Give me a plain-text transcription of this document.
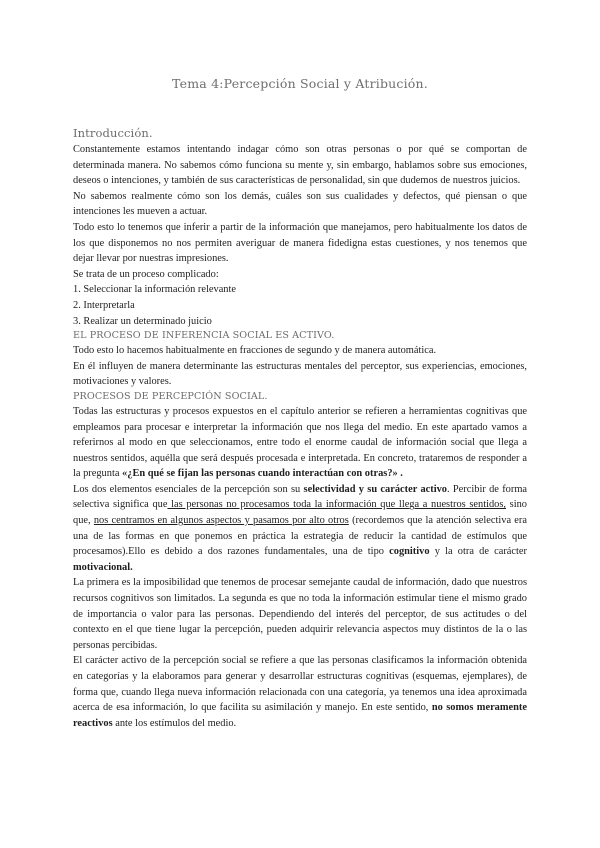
Tema 4:Percepción Social y Atribución.
Introducción.

Constantemente estamos intentando indagar cómo son otras personas o por qué se comportan de determinada manera. No sabemos cómo funciona su mente y, sin embargo, hablamos sobre sus emociones, deseos o intenciones, y también de sus características de personalidad, sin que dudemos de nuestros juicios.

No sabemos realmente cómo son los demás, cuáles son sus cualidades y defectos, qué piensan o que intenciones les mueven a actuar.

Todo esto lo tenemos que inferir a partir de la información que manejamos, pero habitualmente los datos de los que disponemos no nos permiten averiguar de manera fidedigna estas cuestiones, y nos tenemos que dejar llevar por nuestras impresiones.

Se trata de un proceso complicado:

1. Seleccionar la información relevante

2. Interpretarla

3. Realizar un determinado juicio

EL PROCESO DE INFERENCIA SOCIAL ES ACTIVO.

Todo esto lo hacemos habitualmente en fracciones de segundo y de manera automática.

En él influyen de manera determinante las estructuras mentales del perceptor, sus experiencias, emociones, motivaciones y valores.

PROCESOS DE PERCEPCIÓN SOCIAL.

Todas las estructuras y procesos expuestos en el capítulo anterior se refieren a herramientas cognitivas que empleamos para procesar e interpretar la información que nos llega del medio. En este apartado vamos a referirnos al modo en que seleccionamos, entre todo el enorme caudal de información social que llega a nuestros sentidos, aquélla que será después procesada e interpretada. En concreto, trataremos de responder a la pregunta «¿En qué se fijan las personas cuando interactúan con otras?» .

Los dos elementos esenciales de la percepción son su selectividad y su carácter activo. Percibir de forma selectiva significa que las personas no procesamos toda la información que llega a nuestros sentidos, sino que, nos centramos en algunos aspectos y pasamos por alto otros (recordemos que la atención selectiva era una de las formas en que ponemos en práctica la estrategia de reducir la cantidad de estímulos que procesamos).Ello es debido a dos razones fundamentales, una de tipo cognitivo y la otra de carácter motivacional.

La primera es la imposibilidad que tenemos de procesar semejante caudal de información, dado que nuestros recursos cognitivos son limitados. La segunda es que no toda la información estimular tiene el mismo grado de importancia o valor para las personas. Dependiendo del interés del perceptor, de sus actitudes o del contexto en el que tiene lugar la percepción, pueden adquirir relevancia aspectos muy distintos de la o las personas percibidas.

El carácter activo de la percepción social se refiere a que las personas clasificamos la información obtenida en categorías y la elaboramos para generar y desarrollar estructuras cognitivas (esquemas, ejemplares), de forma que, cuando llega nueva información relacionada con una categoría, ya tenemos una idea aproximada acerca de esa información, lo que facilita su asimilación y manejo. En este sentido, no somos meramente reactivos ante los estímulos del medio.
